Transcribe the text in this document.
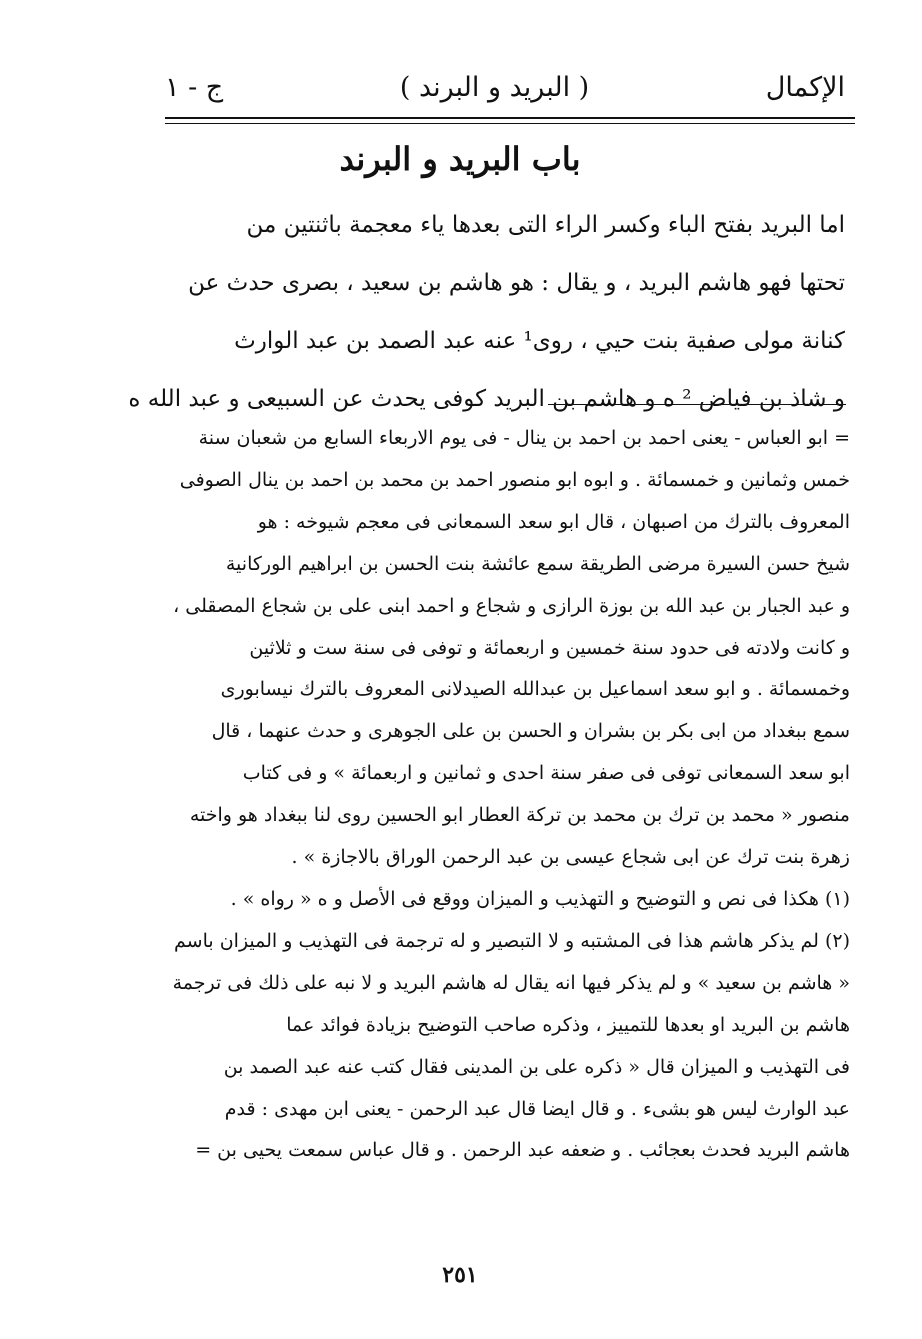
الإكمال
( البريد و البرند )
ج - ١
باب البريد و البرند
اما البريد بفتح الباء وكسر الراء التى بعدها ياء معجمة باثنتين من
تحتها فهو هاشم البريد ، و يقال : هو هاشم بن سعيد ، بصرى حدث عن
كنانة مولى صفية بنت حيي ، روى¹ عنه عبد الصمد بن عبد الوارث
و شاذ بن فياض ² ه و هاشم بن البريد كوفى يحدث عن السبيعى و عبد الله ه
= ابو العباس - يعنى احمد بن احمد بن ينال - فى يوم الاربعاء السابع من شعبان سنة
خمس وثمانين و خمسمائة . و ابوه ابو منصور احمد بن محمد بن احمد بن ينال الصوفى
المعروف بالترك من اصبهان ، قال ابو سعد السمعانى فى معجم شيوخه : هو
شيخ حسن السيرة مرضى الطريقة سمع عائشة بنت الحسن بن ابراهيم الوركانية
و عبد الجبار بن عبد الله بن بوزة الرازى و شجاع و احمد ابنى على بن شجاع المصقلى ،
و كانت ولادته فى حدود سنة خمسين و اربعمائة و توفى فى سنة ست و ثلاثين
وخمسمائة . و ابو سعد اسماعيل بن عبدالله الصيدلانى المعروف بالترك نيسابورى
سمع ببغداد من ابى بكر بن بشران و الحسن بن على الجوهرى و حدث عنهما ، قال
ابو سعد السمعانى توفى فى صفر سنة احدى و ثمانين و اربعمائة » و فى كتاب
منصور « محمد بن ترك بن محمد بن تركة العطار ابو الحسين روى لنا ببغداد هو واخته
زهرة بنت ترك عن ابى شجاع عيسى بن عبد الرحمن الوراق بالاجازة » .
(١) هكذا فى نص و التوضيح و التهذيب و الميزان ووقع فى الأصل و ه « رواه » .
(٢) لم يذكر هاشم هذا فى المشتبه و لا التبصير و له ترجمة فى التهذيب و الميزان باسم
« هاشم بن سعيد » و لم يذكر فيها انه يقال له هاشم البريد و لا نبه على ذلك فى ترجمة
هاشم بن البريد او بعدها للتمييز ، وذكره صاحب التوضيح بزيادة فوائد عما
فى التهذيب و الميزان قال « ذكره على بن المدينى فقال كتب عنه عبد الصمد بن
عبد الوارث ليس هو بشىء . و قال ايضا قال عبد الرحمن - يعنى ابن مهدى : قدم
هاشم البريد فحدث بعجائب . و ضعفه عبد الرحمن . و قال عباس سمعت يحيى بن =
٢٥١
